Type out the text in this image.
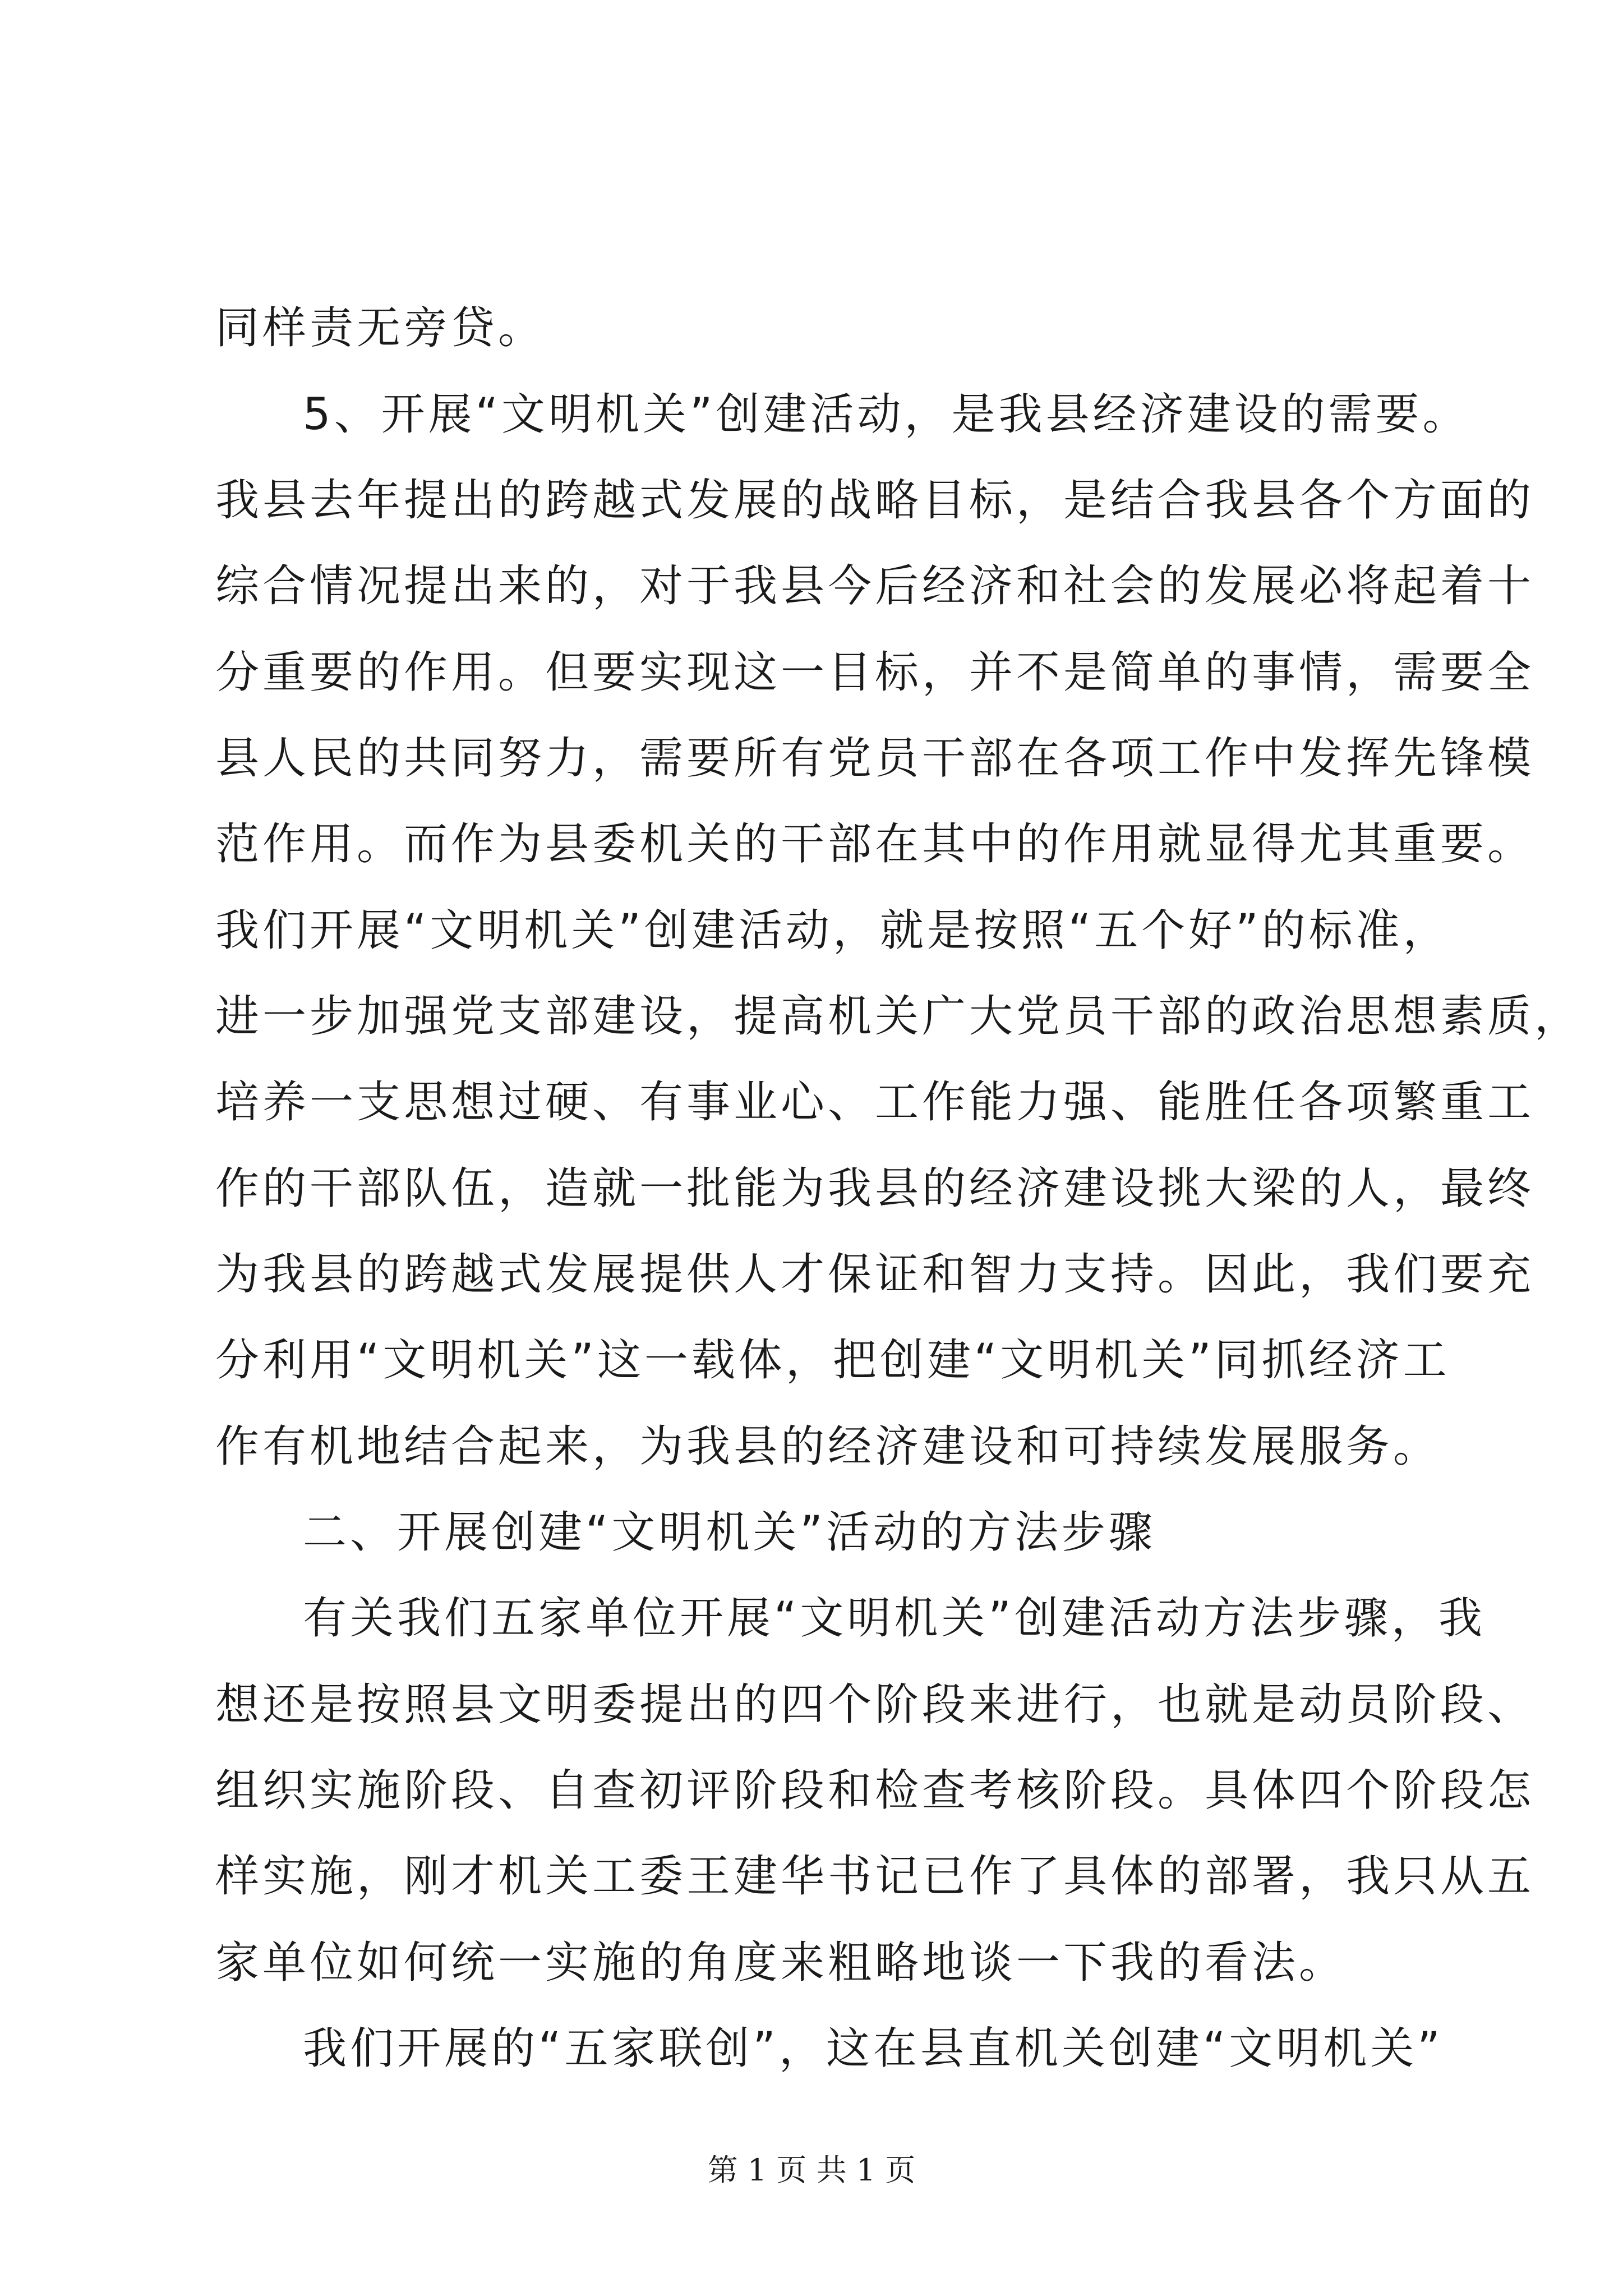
同样责无旁贷。
5、开展“文明机关”创建活动，是我县经济建设的需要。
我县去年提出的跨越式发展的战略目标，是结合我县各个方面的
综合情况提出来的，对于我县今后经济和社会的发展必将起着十
分重要的作用。但要实现这一目标，并不是简单的事情，需要全
县人民的共同努力，需要所有党员干部在各项工作中发挥先锋模
范作用。而作为县委机关的干部在其中的作用就显得尤其重要。
我们开展“文明机关”创建活动，就是按照“五个好”的标准，
进一步加强党支部建设，提高机关广大党员干部的政治思想素质，
培养一支思想过硬、有事业心、工作能力强、能胜任各项繁重工
作的干部队伍，造就一批能为我县的经济建设挑大梁的人，最终
为我县的跨越式发展提供人才保证和智力支持。因此，我们要充
分利用“文明机关”这一载体，把创建“文明机关”同抓经济工
作有机地结合起来，为我县的经济建设和可持续发展服务。
二、开展创建“文明机关”活动的方法步骤
有关我们五家单位开展“文明机关”创建活动方法步骤，我
想还是按照县文明委提出的四个阶段来进行，也就是动员阶段、
组织实施阶段、自查初评阶段和检查考核阶段。具体四个阶段怎
样实施，刚才机关工委王建华书记已作了具体的部署，我只从五
家单位如何统一实施的角度来粗略地谈一下我的看法。
我们开展的“五家联创”，这在县直机关创建“文明机关”
第 1 页 共 1 页
